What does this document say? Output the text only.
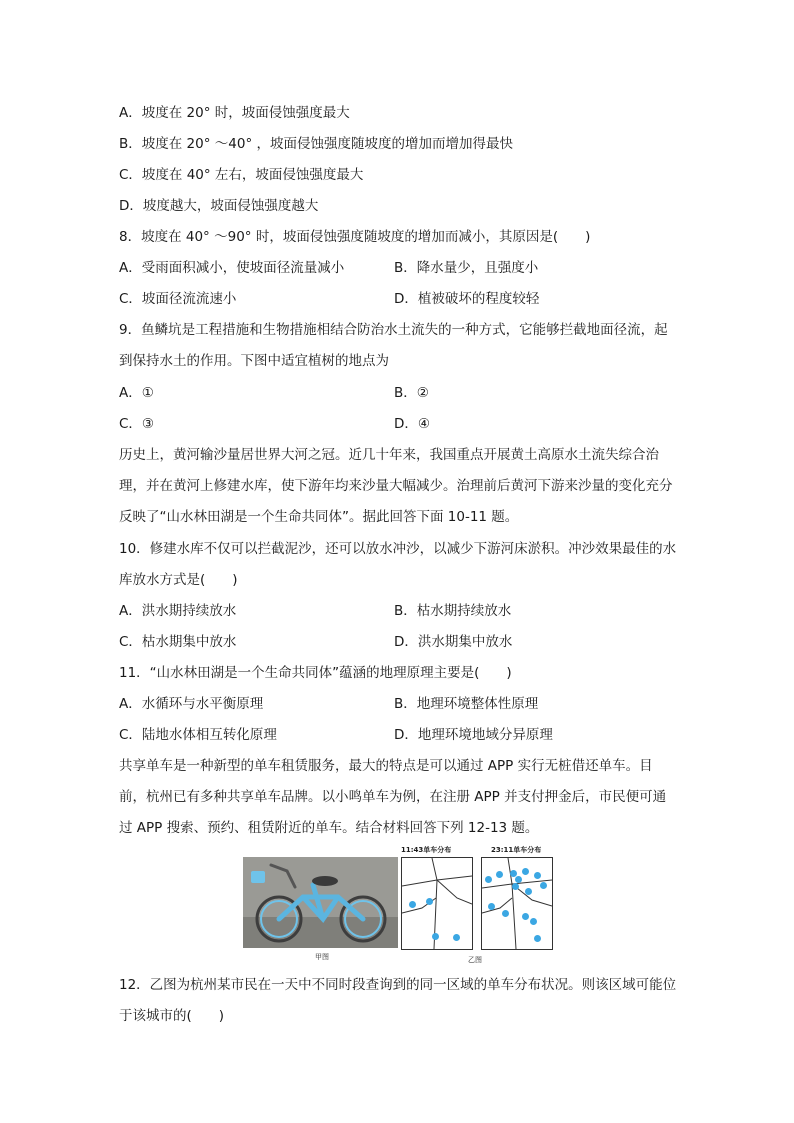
A．坡度在 20° 时，坡面侵蚀强度最大
B．坡度在 20° ～40° ，坡面侵蚀强度随坡度的增加而增加得最快
C．坡度在 40° 左右，坡面侵蚀强度最大
D．坡度越大，坡面侵蚀强度越大
8．坡度在 40° ～90° 时，坡面侵蚀强度随坡度的增加而减小，其原因是(　　)
A．受雨面积减小，使坡面径流量减小	B．降水量少，且强度小
C．坡面径流流速小	D．植被破坏的程度较轻
9．鱼鳞坑是工程措施和生物措施相结合防治水土流失的一种方式，它能够拦截地面径流，起到保持水土的作用。下图中适宜植树的地点为
A．①	B．②
C．③	D．④
历史上，黄河输沙量居世界大河之冠。近几十年来，我国重点开展黄土高原水土流失综合治理，并在黄河上修建水库，使下游年均来沙量大幅减少。治理前后黄河下游来沙量的变化充分反映了“山水林田湖是一个生命共同体”。据此回答下面 10-11 题。
10．修建水库不仅可以拦截泥沙，还可以放水冲沙，以减少下游河床淤积。冲沙效果最佳的水库放水方式是(　　)
A．洪水期持续放水	B．枯水期持续放水
C．枯水期集中放水	D．洪水期集中放水
11．“山水林田湖是一个生命共同体”蕴涵的地理原理主要是(　　)
A．水循环与水平衡原理	B．地理环境整体性原理
C．陆地水体相互转化原理	D．地理环境地域分异原理
共享单车是一种新型的单车租赁服务，最大的特点是可以通过 APP 实行无桩借还单车。目前，杭州已有多种共享单车品牌。以小鸣单车为例，在注册 APP 并支付押金后，市民便可通过 APP 搜索、预约、租赁附近的单车。结合材料回答下列 12-13 题。
11:43单车分布	23:11单车分布
甲图	乙图
12．乙图为杭州某市民在一天中不同时段查询到的同一区域的单车分布状况。则该区域可能位于该城市的(　　)
